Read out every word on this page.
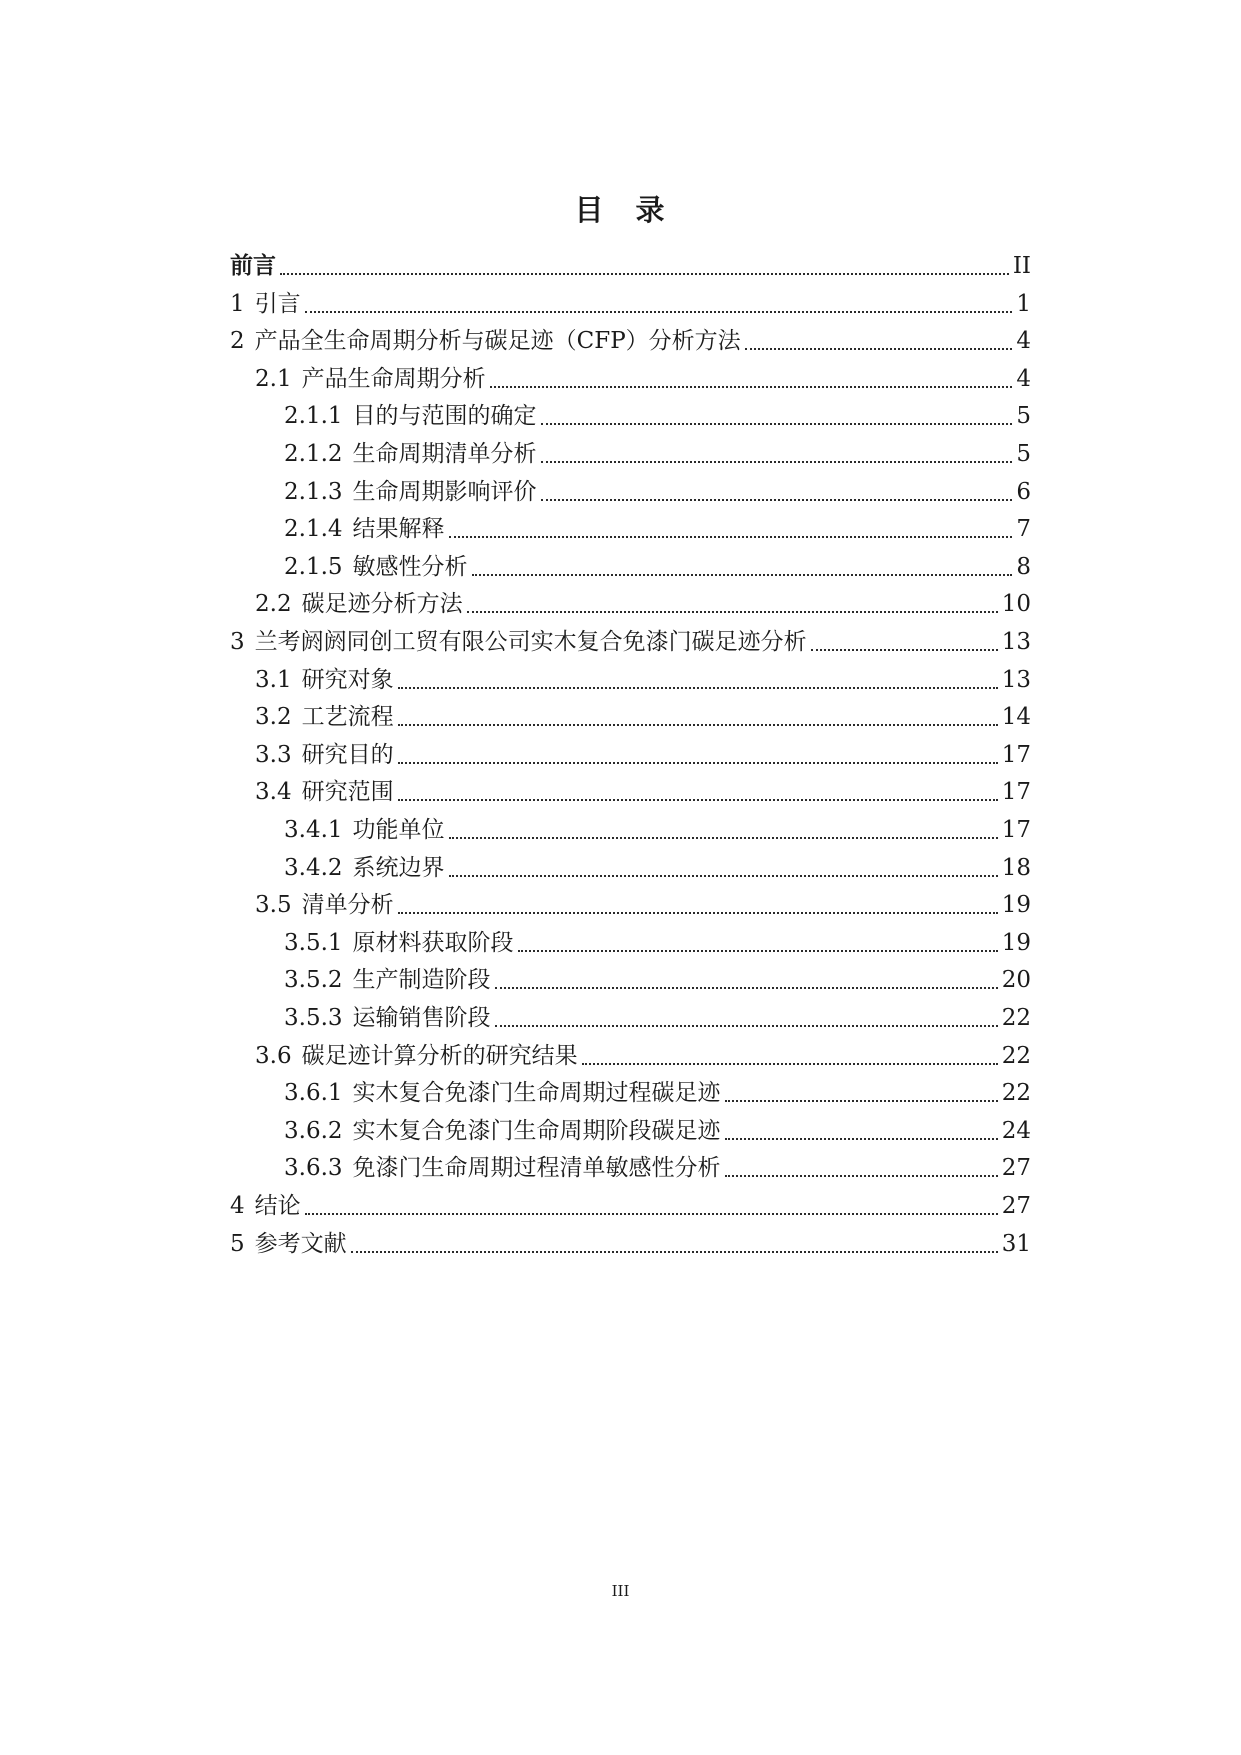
目 录
前言	II
1 引言	1
2 产品全生命周期分析与碳足迹（CFP）分析方法	4
2.1 产品生命周期分析	4
2.1.1 目的与范围的确定	5
2.1.2 生命周期清单分析	5
2.1.3 生命周期影响评价	6
2.1.4 结果解释	7
2.1.5 敏感性分析	8
2.2 碳足迹分析方法	10
3 兰考阏阏同创工贸有限公司实木复合免漆门碳足迹分析	13
3.1 研究对象	13
3.2 工艺流程	14
3.3 研究目的	17
3.4 研究范围	17
3.4.1 功能单位	17
3.4.2 系统边界	18
3.5 清单分析	19
3.5.1 原材料获取阶段	19
3.5.2 生产制造阶段	20
3.5.3 运输销售阶段	22
3.6 碳足迹计算分析的研究结果	22
3.6.1 实木复合免漆门生命周期过程碳足迹	22
3.6.2 实木复合免漆门生命周期阶段碳足迹	24
3.6.3 免漆门生命周期过程清单敏感性分析	27
4 结论	27
5 参考文献	31
III
